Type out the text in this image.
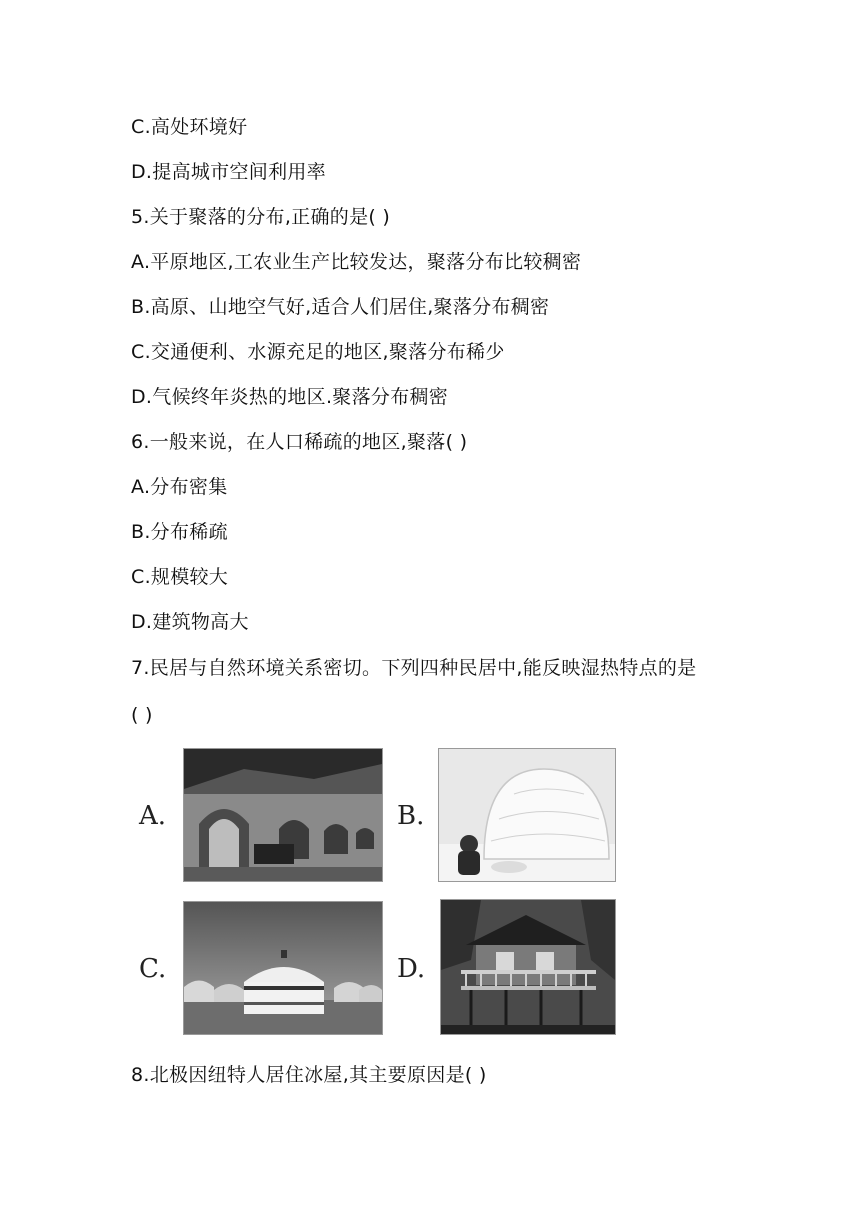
C.高处环境好
D.提高城市空间利用率
5.关于聚落的分布,正确的是( )
A.平原地区,工农业生产比较发达，聚落分布比较稠密
B.高原、山地空气好,适合人们居住,聚落分布稠密
C.交通便利、水源充足的地区,聚落分布稀少
D.气候终年炎热的地区.聚落分布稠密
6.一般来说，在人口稀疏的地区,聚落( )
A.分布密集
B.分布稀疏
C.规模较大
D.建筑物高大
7.民居与自然环境关系密切。下列四种民居中,能反映湿热特点的是
( )
8.北极因纽特人居住冰屋,其主要原因是( )
A.	B.
C.	D.
